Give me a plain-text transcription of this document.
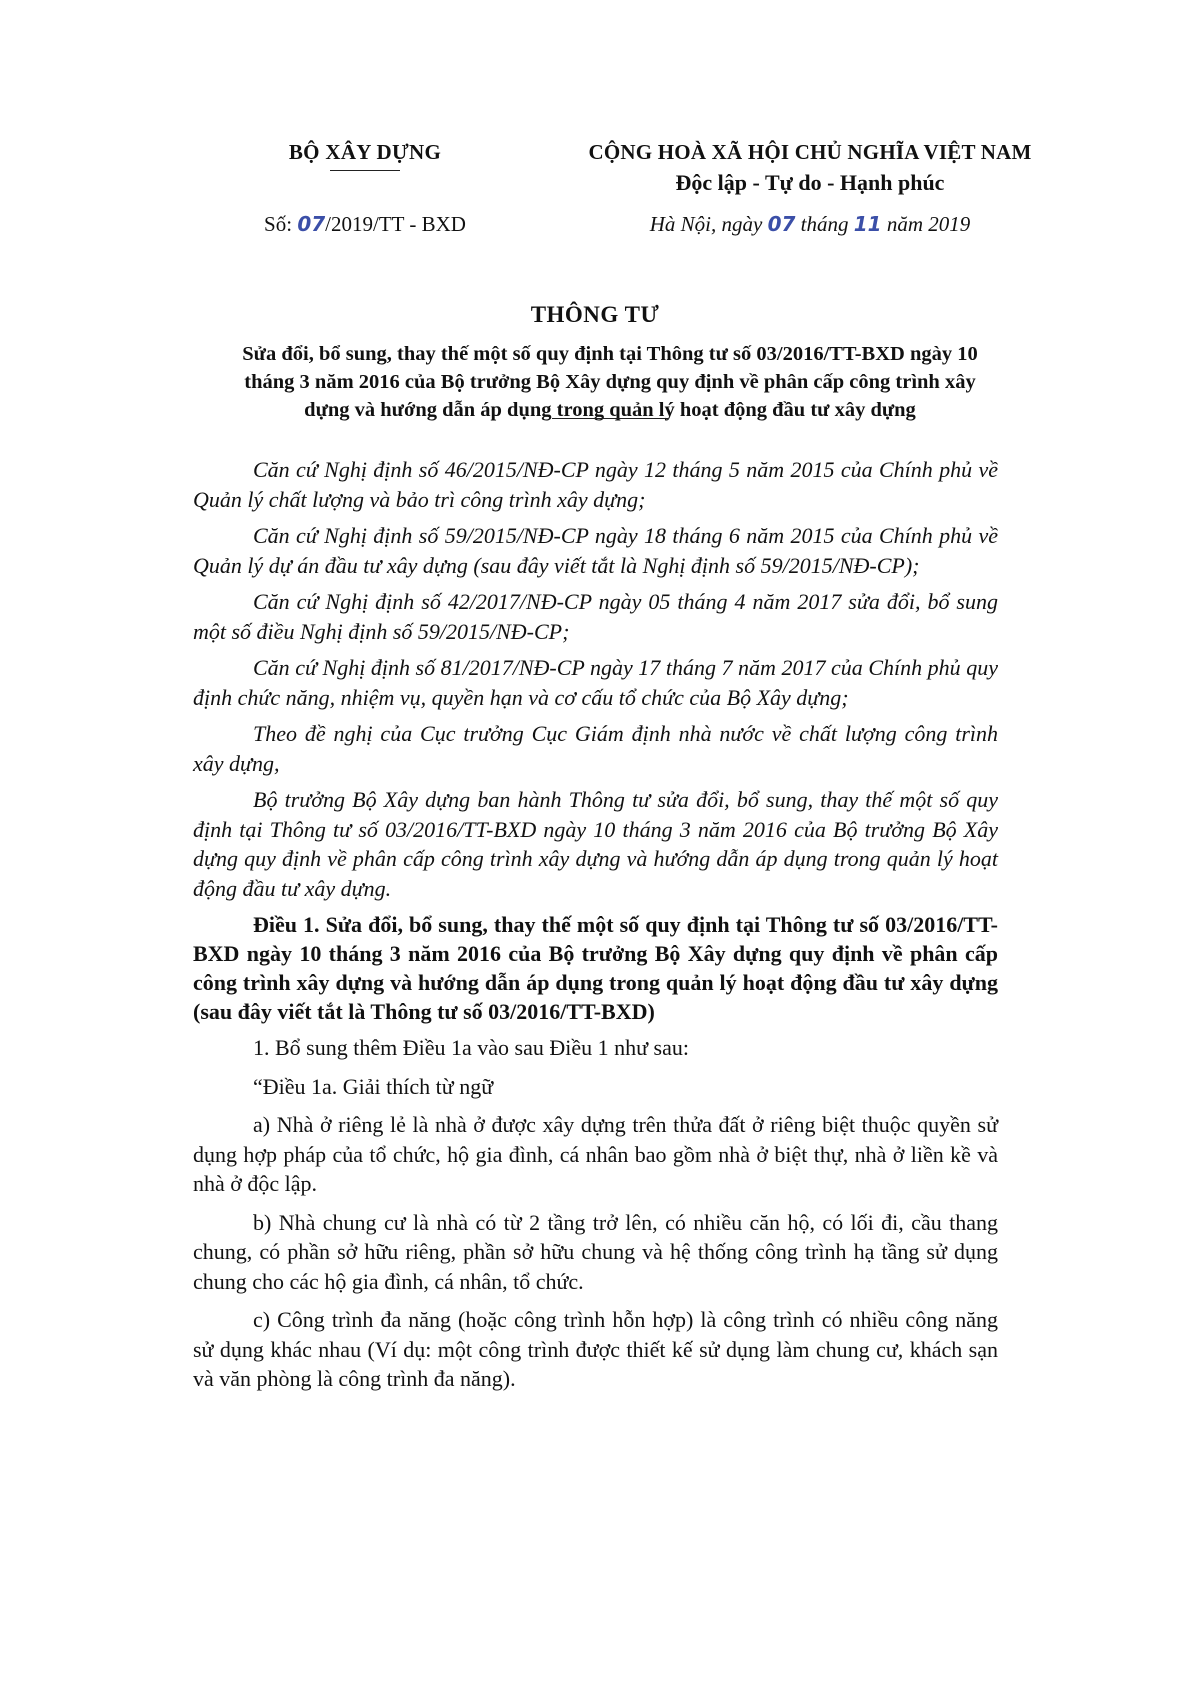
BỘ XÂY DỰNG	CỘNG HOÀ XÃ HỘI CHỦ NGHĨA VIỆT NAM
Độc lập - Tự do - Hạnh phúc
Số: 07/2019/TT - BXD	Hà Nội, ngày 07 tháng 11 năm 2019
THÔNG TƯ
Sửa đổi, bổ sung, thay thế một số quy định tại Thông tư số 03/2016/TT-BXD ngày 10 tháng 3 năm 2016 của Bộ trưởng Bộ Xây dựng quy định về phân cấp công trình xây dựng và hướng dẫn áp dụng trong quản lý hoạt động đầu tư xây dựng

Căn cứ Nghị định số 46/2015/NĐ-CP ngày 12 tháng 5 năm 2015 của Chính phủ về Quản lý chất lượng và bảo trì công trình xây dựng;

Căn cứ Nghị định số 59/2015/NĐ-CP ngày 18 tháng 6 năm 2015 của Chính phủ về Quản lý dự án đầu tư xây dựng (sau đây viết tắt là Nghị định số 59/2015/NĐ-CP);

Căn cứ Nghị định số 42/2017/NĐ-CP ngày 05 tháng 4 năm 2017 sửa đổi, bổ sung một số điều Nghị định số 59/2015/NĐ-CP;

Căn cứ Nghị định số 81/2017/NĐ-CP ngày 17 tháng 7 năm 2017 của Chính phủ quy định chức năng, nhiệm vụ, quyền hạn và cơ cấu tổ chức của Bộ Xây dựng;

Theo đề nghị của Cục trưởng Cục Giám định nhà nước về chất lượng công trình xây dựng,

Bộ trưởng Bộ Xây dựng ban hành Thông tư sửa đổi, bổ sung, thay thế một số quy định tại Thông tư số 03/2016/TT-BXD ngày 10 tháng 3 năm 2016 của Bộ trưởng Bộ Xây dựng quy định về phân cấp công trình xây dựng và hướng dẫn áp dụng trong quản lý hoạt động đầu tư xây dựng.

Điều 1. Sửa đổi, bổ sung, thay thế một số quy định tại Thông tư số 03/2016/TT-BXD ngày 10 tháng 3 năm 2016 của Bộ trưởng Bộ Xây dựng quy định về phân cấp công trình xây dựng và hướng dẫn áp dụng trong quản lý hoạt động đầu tư xây dựng (sau đây viết tắt là Thông tư số 03/2016/TT-BXD)

1. Bổ sung thêm Điều 1a vào sau Điều 1 như sau:

“Điều 1a. Giải thích từ ngữ

a) Nhà ở riêng lẻ là nhà ở được xây dựng trên thửa đất ở riêng biệt thuộc quyền sử dụng hợp pháp của tổ chức, hộ gia đình, cá nhân bao gồm nhà ở biệt thự, nhà ở liền kề và nhà ở độc lập.

b) Nhà chung cư là nhà có từ 2 tầng trở lên, có nhiều căn hộ, có lối đi, cầu thang chung, có phần sở hữu riêng, phần sở hữu chung và hệ thống công trình hạ tầng sử dụng chung cho các hộ gia đình, cá nhân, tổ chức.

c) Công trình đa năng (hoặc công trình hỗn hợp) là công trình có nhiều công năng sử dụng khác nhau (Ví dụ: một công trình được thiết kế sử dụng làm chung cư, khách sạn và văn phòng là công trình đa năng).
